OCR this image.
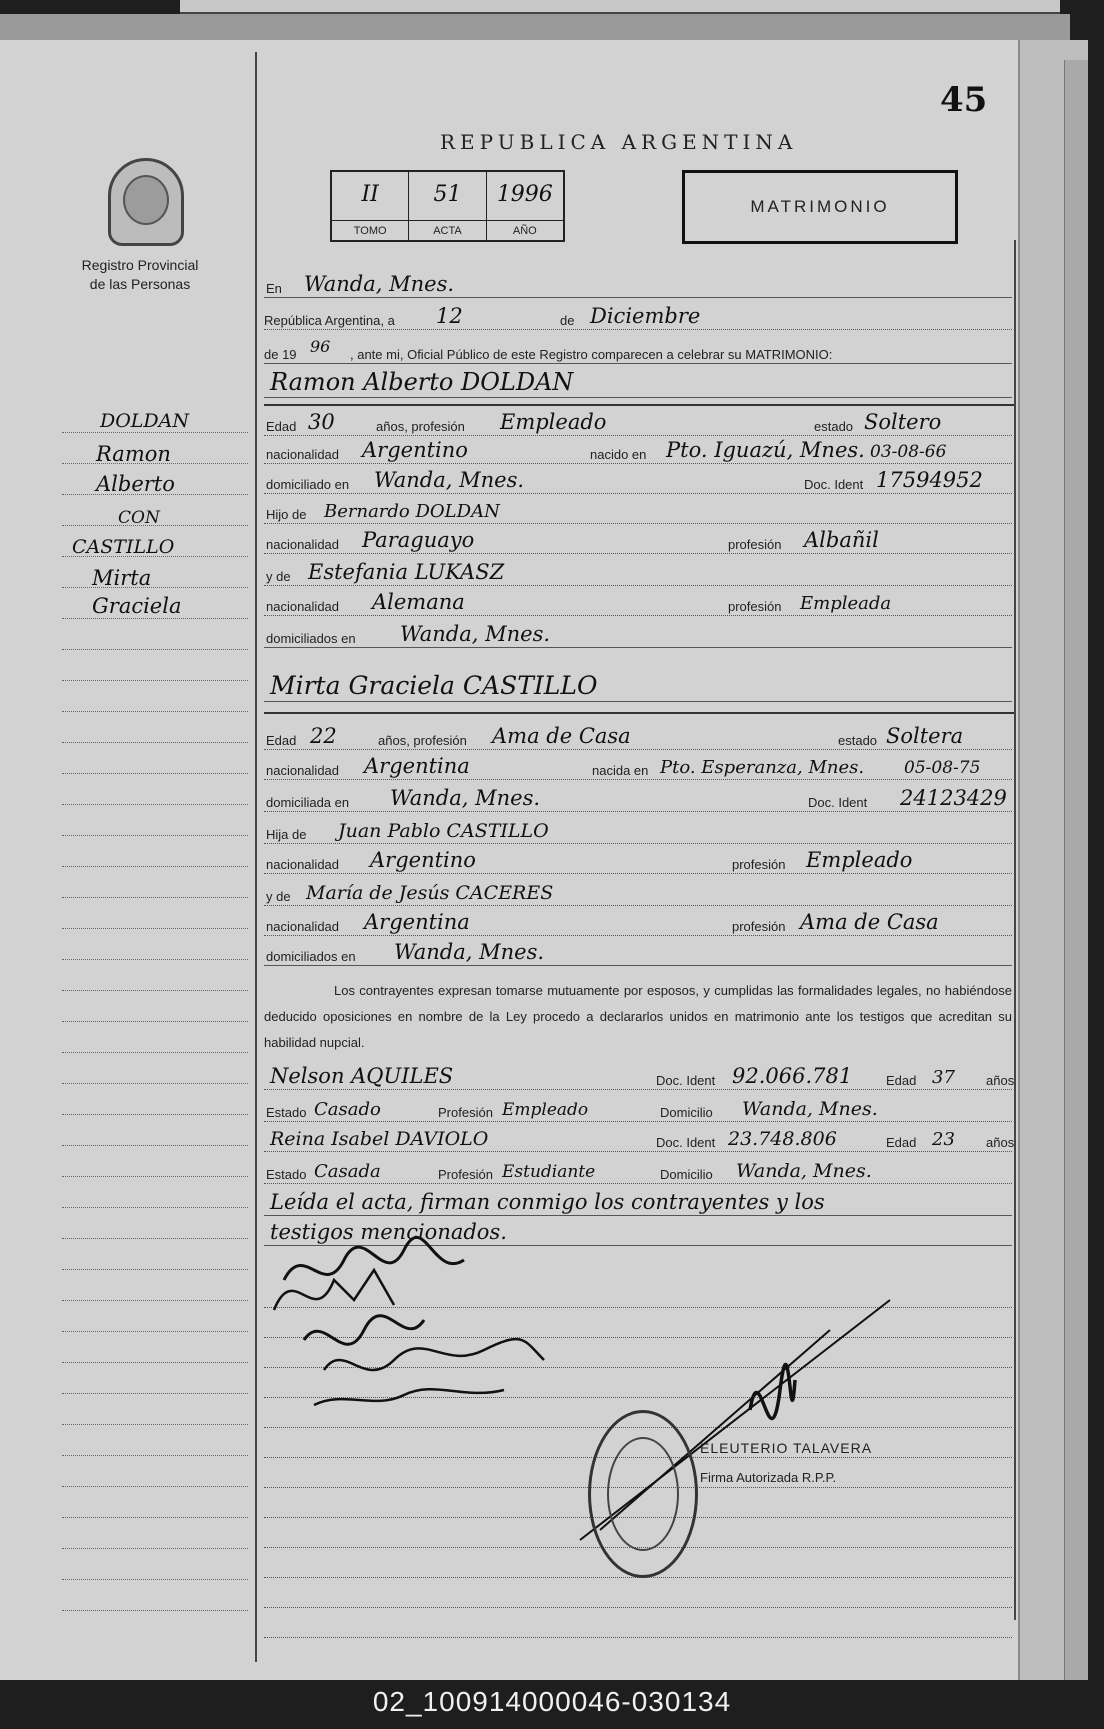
45
REPUBLICA ARGENTINA
II
TOMO
51
ACTA
1996
AÑO
MATRIMONIO
Registro Provincial
de las Personas
DOLDAN
Ramon
Alberto
CON
CASTILLO
Mirta
Graciela
En Wanda, Mnes.
República Argentina, a 12	de Diciembre
de 19 96 , ante mi, Oficial Público de este Registro comparecen a celebrar su MATRIMONIO:
Ramon Alberto DOLDAN
Edad 30	años, profesión Empleado	estado Soltero
nacionalidad Argentino	nacido en Pto. Iguazú, Mnes. 03-08-66
domiciliado en Wanda, Mnes.	Doc. Ident 17594952
Hijo de Bernardo DOLDAN
nacionalidad Paraguayo	profesión Albañil
y de Estefania LUKASZ
nacionalidad Alemana	profesión Empleada
domiciliados en Wanda, Mnes.
Mirta Graciela CASTILLO
Edad 22	años, profesión Ama de Casa	estado Soltera
nacionalidad Argentina	nacida en Pto. Esperanza, Mnes. 05-08-75
domiciliada en Wanda, Mnes.	Doc. Ident 24123429
Hija de Juan Pablo CASTILLO
nacionalidad Argentino	profesión Empleado
y de María de Jesús CACERES
nacionalidad Argentina	profesión Ama de Casa
domiciliados en Wanda, Mnes.
Los contrayentes expresan tomarse mutuamente por esposos, y cumplidas las formalidades legales, no habiéndose deducido oposiciones en nombre de la Ley procedo a declararlos unidos en matrimonio ante los testigos que acreditan su habilidad nupcial.
Nelson AQUILES	Doc. Ident 92.066.781	Edad 37 años
Estado Casado	Profesión Empleado	Domicilio Wanda, Mnes.
Reina Isabel DAVIOLO	Doc. Ident 23.748.806	Edad 23 años
Estado Casada	Profesión Estudiante	Domicilio Wanda, Mnes.
Leída el acta, firman conmigo los contrayentes y los
testigos mencionados.
ELEUTERIO TALAVERA
Firma Autorizada R.P.P.
02_100914000046-030134
